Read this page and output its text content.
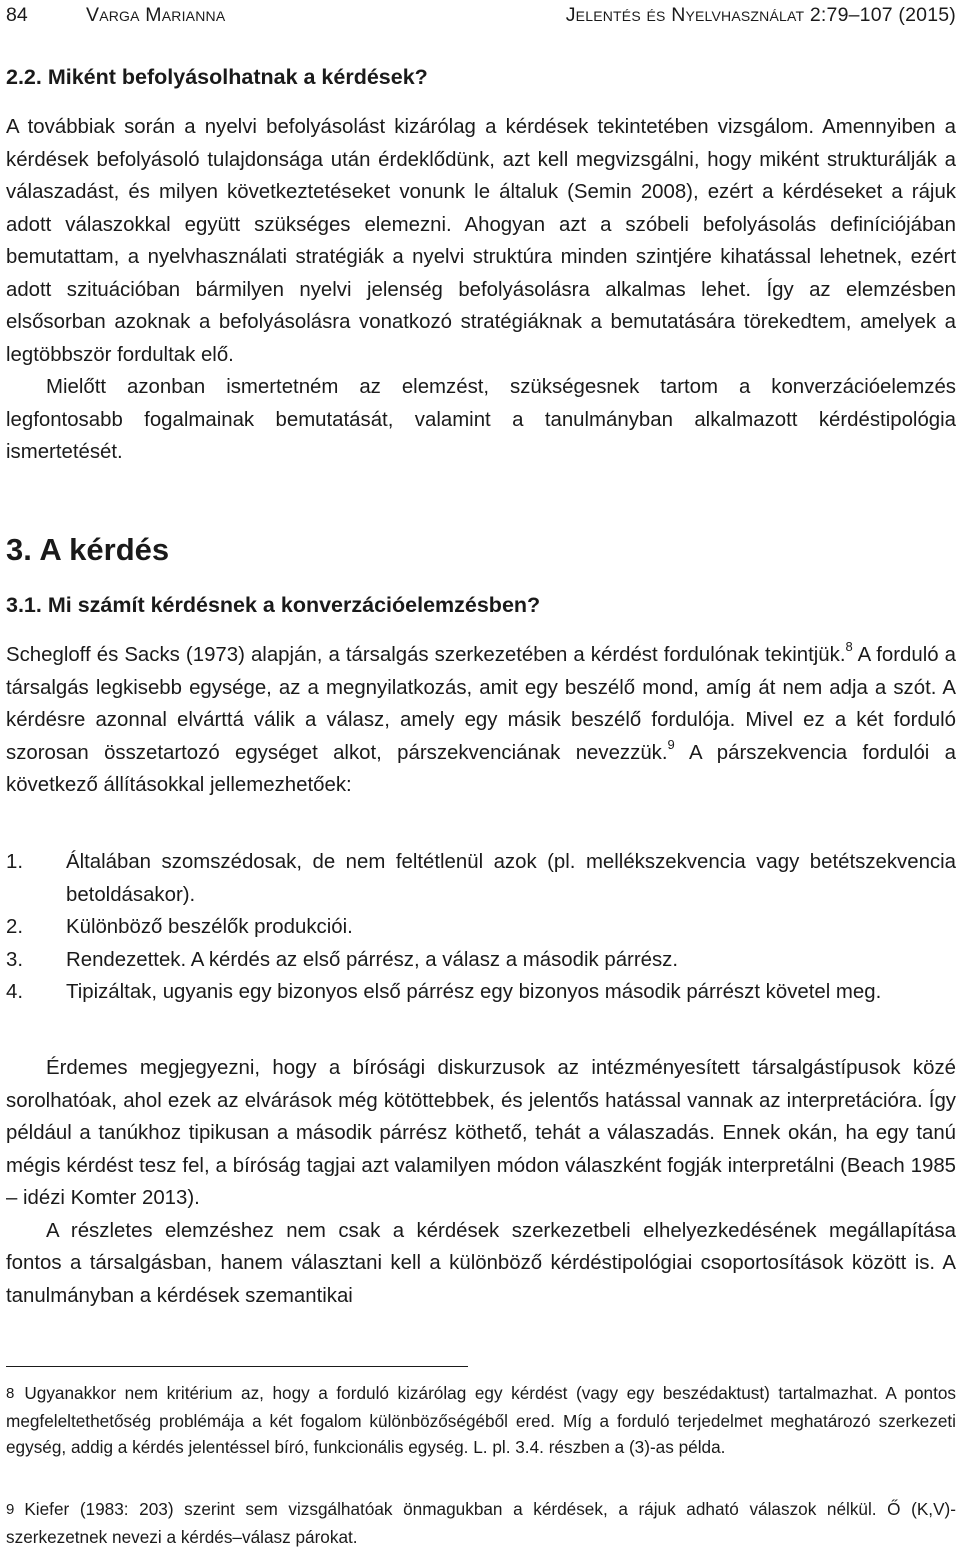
84	Varga Marianna	Jelentés és Nyelvhasználat 2:79–107 (2015)
2.2. Miként befolyásolhatnak a kérdések?

A továbbiak során a nyelvi befolyásolást kizárólag a kérdések tekintetében vizsgálom. Amennyiben a kérdések befolyásoló tulajdonsága után érdeklődünk, azt kell megvizsgálni, hogy miként strukturálják a válaszadást, és milyen következtetéseket vonunk le általuk (Semin 2008), ezért a kérdéseket a rájuk adott válaszokkal együtt szükséges elemezni. Ahogyan azt a szóbeli befolyásolás definíciójában bemutattam, a nyelvhasználati stratégiák a nyelvi struktúra minden szintjére kihatással lehetnek, ezért adott szituációban bármilyen nyelvi jelenség befolyásolásra alkalmas lehet. Így az elemzésben elsősorban azoknak a befolyásolásra vonatkozó stratégiáknak a bemutatására törekedtem, amelyek a legtöbbször fordultak elő.

Mielőtt azonban ismertetném az elemzést, szükségesnek tartom a konverzációelemzés legfontosabb fogalmainak bemutatását, valamint a tanulmányban alkalmazott kérdéstipológia ismertetését.

3. A kérdés
3.1. Mi számít kérdésnek a konverzációelemzésben?

Schegloff és Sacks (1973) alapján, a társalgás szerkezetében a kérdést fordulónak tekintjük.$^8$ A forduló a társalgás legkisebb egysége, az a megnyilatkozás, amit egy beszélő mond, amíg át nem adja a szót. A kérdésre azonnal elvárttá válik a válasz, amely egy másik beszélő fordulója. Mivel ez a két forduló szorosan összetartozó egységet alkot, párszekvenciának nevezzük.$^9$ A párszekvencia fordulói a következő állításokkal jellemezhetőek:

1. Általában szomszédosak, de nem feltétlenül azok (pl. mellékszekvencia vagy betétszekvencia betoldásakor).
2. Különböző beszélők produkciói.
3. Rendezettek. A kérdés az első párrész, a válasz a második párrész.
4. Tipizáltak, ugyanis egy bizonyos első párrész egy bizonyos második párrészt követel meg.

Érdemes megjegyezni, hogy a bírósági diskurzusok az intézményesített társalgástípusok közé sorolhatóak, ahol ezek az elvárások még kötöttebbek, és jelentős hatással vannak az interpretációra. Így például a tanúkhoz tipikusan a második párrész köthető, tehát a válaszadás. Ennek okán, ha egy tanú mégis kérdést tesz fel, a bíróság tagjai azt valamilyen módon válaszként fogják interpretálni (Beach 1985 – idézi Komter 2013).

A részletes elemzéshez nem csak a kérdések szerkezetbeli elhelyezkedésének megállapítása fontos a társalgásban, hanem választani kell a különböző kérdéstipológiai csoportosítások között is. A tanulmányban a kérdések szemantikai

8 Ugyanakkor nem kritérium az, hogy a forduló kizárólag egy kérdést (vagy egy beszédaktust) tartalmazhat. A pontos megfeleltethetőség problémája a két fogalom különbözőségéből ered. Míg a forduló terjedelmet meghatározó szerkezeti egység, addig a kérdés jelentéssel bíró, funkcionális egység. L. pl. 3.4. részben a (3)-as példa.

9 Kiefer (1983: 203) szerint sem vizsgálhatóak önmagukban a kérdések, a rájuk adható válaszok nélkül. Ő (K,V)-szerkezetnek nevezi a kérdés–válasz párokat.
